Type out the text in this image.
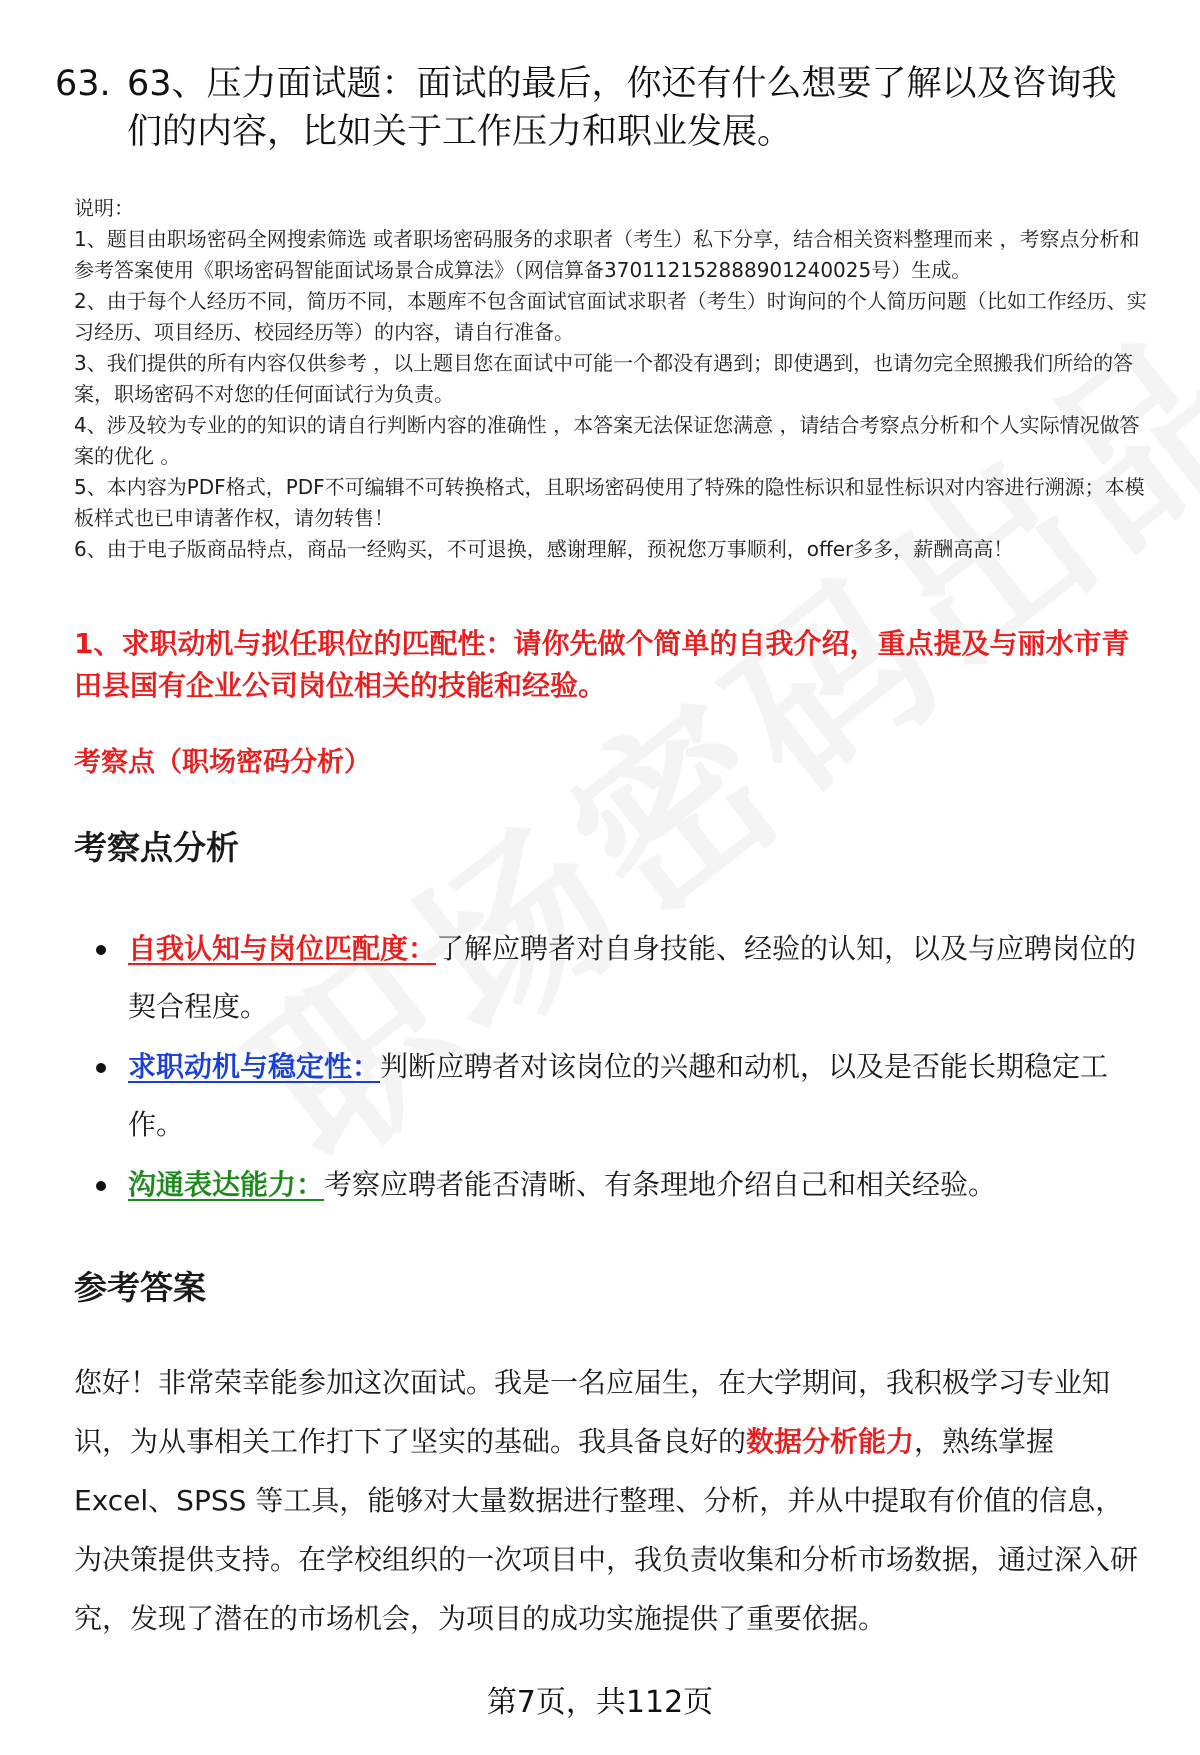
63. 63、压力面试题：面试的最后，你还有什么想要了解以及咨询我们的内容，比如关于工作压力和职业发展。

说明：

1、题目由职场密码全网搜索筛选 或者职场密码服务的求职者（考生）私下分享，结合相关资料整理而来 ，考察点分析和参考答案使用《职场密码智能面试场景合成算法》（网信算备370112152888901240025号）生成。

2、由于每个人经历不同，简历不同，本题库不包含面试官面试求职者（考生）时询问的个人简历问题（比如工作经历、实习经历、项目经历、校园经历等）的内容，请自行准备。

3、我们提供的所有内容仅供参考 ，以上题目您在面试中可能一个都没有遇到；即使遇到，也请勿完全照搬我们所给的答案，职场密码不对您的任何面试行为负责。

4、涉及较为专业的的知识的请自行判断内容的准确性 ，本答案无法保证您满意 ，请结合考察点分析和个人实际情况做答案的优化 。

5、本内容为PDF格式，PDF不可编辑不可转换格式，且职场密码使用了特殊的隐性标识和显性标识对内容进行溯源；本模板样式也已申请著作权，请勿转售！

6、由于电子版商品特点，商品一经购买，不可退换，感谢理解，预祝您万事顺利，offer多多，薪酬高高！

1、求职动机与拟任职位的匹配性：请你先做个简单的自我介绍，重点提及与丽水市青田县国有企业公司岗位相关的技能和经验。
考察点（职场密码分析）
考察点分析
自我认知与岗位匹配度：了解应聘者对自身技能、经验的认知，以及与应聘岗位的契合程度。
求职动机与稳定性：判断应聘者对该岗位的兴趣和动机，以及是否能长期稳定工作。
沟通表达能力：考察应聘者能否清晰、有条理地介绍自己和相关经验。
参考答案
您好！非常荣幸能参加这次面试。我是一名应届生，在大学期间，我积极学习专业知识，为从事相关工作打下了坚实的基础。我具备良好的数据分析能力，熟练掌握 Excel、SPSS 等工具，能够对大量数据进行整理、分析，并从中提取有价值的信息，为决策提供支持。在学校组织的一次项目中，我负责收集和分析市场数据，通过深入研究，发现了潜在的市场机会，为项目的成功实施提供了重要依据。
第7页，共112页
